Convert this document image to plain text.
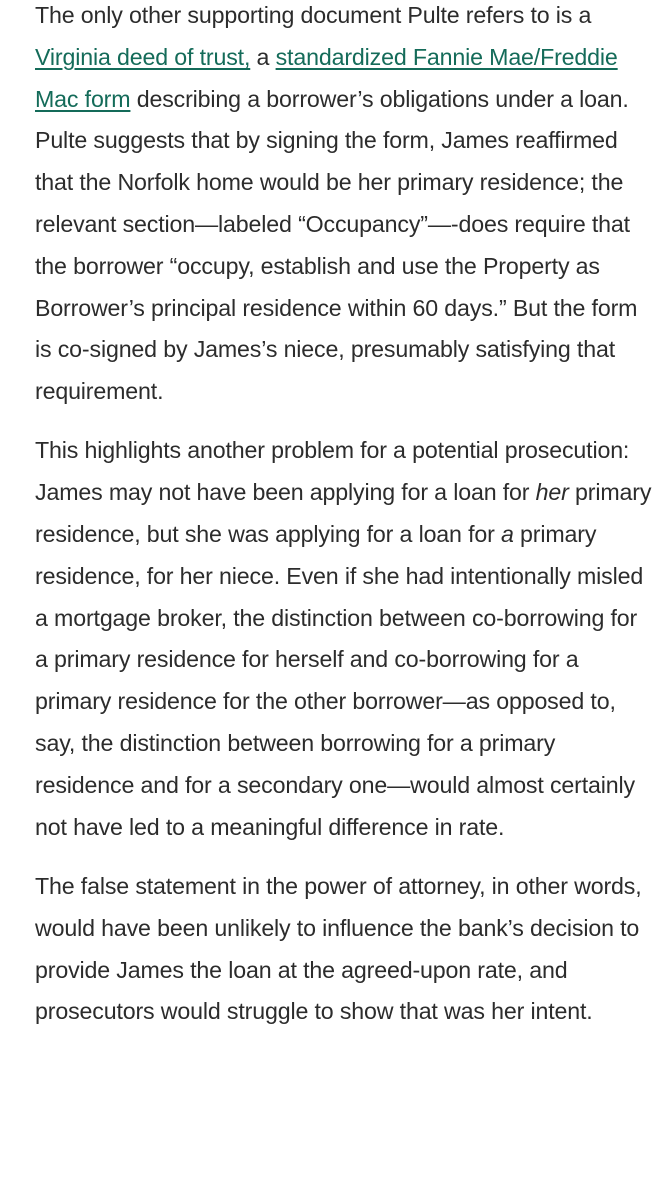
The only other supporting document Pulte refers to is a Virginia deed of trust, a standardized Fannie Mae/Freddie Mac form describing a borrower’s obligations under a loan. Pulte suggests that by signing the form, James reaffirmed that the Norfolk home would be her primary residence; the relevant section—labeled “Occupancy”—-does require that the borrower “occupy, establish and use the Property as Borrower’s principal residence within 60 days.” But the form is co-signed by James’s niece, presumably satisfying that requirement.

This highlights another problem for a potential prosecution: James may not have been applying for a loan for her primary residence, but she was applying for a loan for a primary residence, for her niece. Even if she had intentionally misled a mortgage broker, the distinction between co-borrowing for a primary residence for herself and co-borrowing for a primary residence for the other borrower—as opposed to, say, the distinction between borrowing for a primary residence and for a secondary one—would almost certainly not have led to a meaningful difference in rate.

The false statement in the power of attorney, in other words, would have been unlikely to influence the bank’s decision to provide James the loan at the agreed-upon rate, and prosecutors would struggle to show that was her intent.
